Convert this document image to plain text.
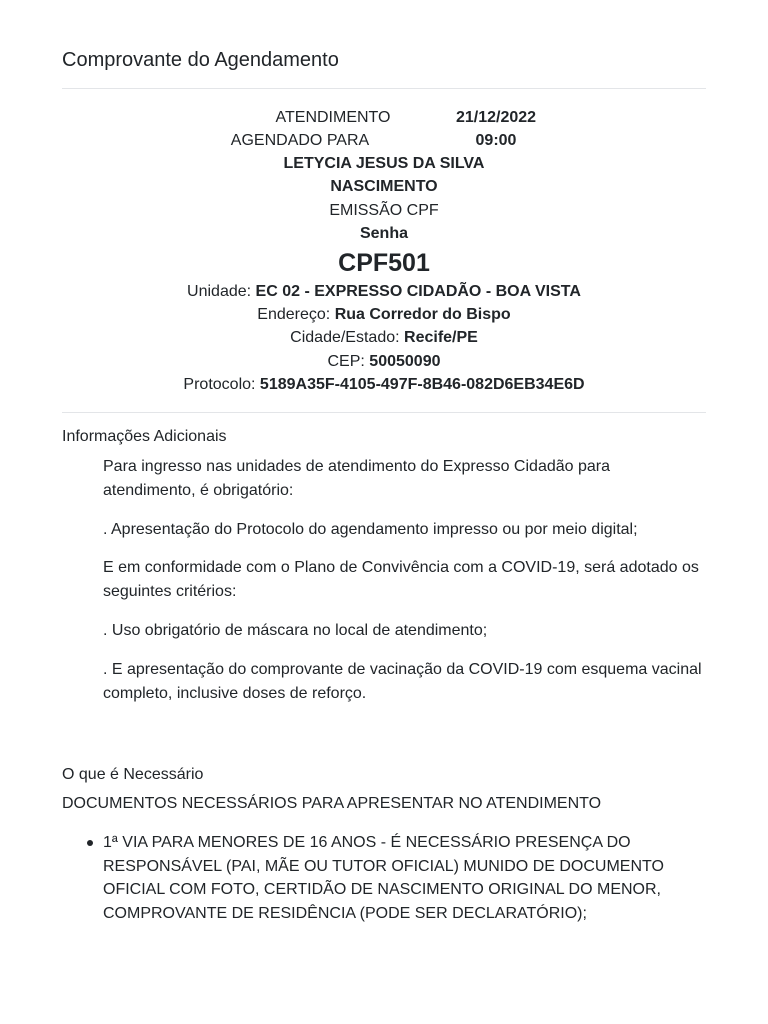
Comprovante do Agendamento
ATENDIMENTO	21/12/2022
AGENDADO PARA	09:00
LETYCIA JESUS DA SILVA
NASCIMENTO
EMISSÃO CPF
Senha
CPF501
Unidade: EC 02 - EXPRESSO CIDADÃO - BOA VISTA
Endereço: Rua Corredor do Bispo
Cidade/Estado: Recife/PE
CEP: 50050090
Protocolo: 5189A35F-4105-497F-8B46-082D6EB34E6D
Informações Adicionais

Para ingresso nas unidades de atendimento do Expresso Cidadão para atendimento, é obrigatório:

. Apresentação do Protocolo do agendamento impresso ou por meio digital;

E em conformidade com o Plano de Convivência com a COVID-19, será adotado os seguintes critérios:

. Uso obrigatório de máscara no local de atendimento;

. E apresentação do comprovante de vacinação da COVID-19 com esquema vacinal completo, inclusive doses de reforço.

O que é Necessário
DOCUMENTOS NECESSÁRIOS PARA APRESENTAR NO ATENDIMENTO
1ª VIA PARA MENORES DE 16 ANOS - É NECESSÁRIO PRESENÇA DO RESPONSÁVEL (PAI, MÃE OU TUTOR OFICIAL) MUNIDO DE DOCUMENTO OFICIAL COM FOTO, CERTIDÃO DE NASCIMENTO ORIGINAL DO MENOR, COMPROVANTE DE RESIDÊNCIA (PODE SER DECLARATÓRIO);
